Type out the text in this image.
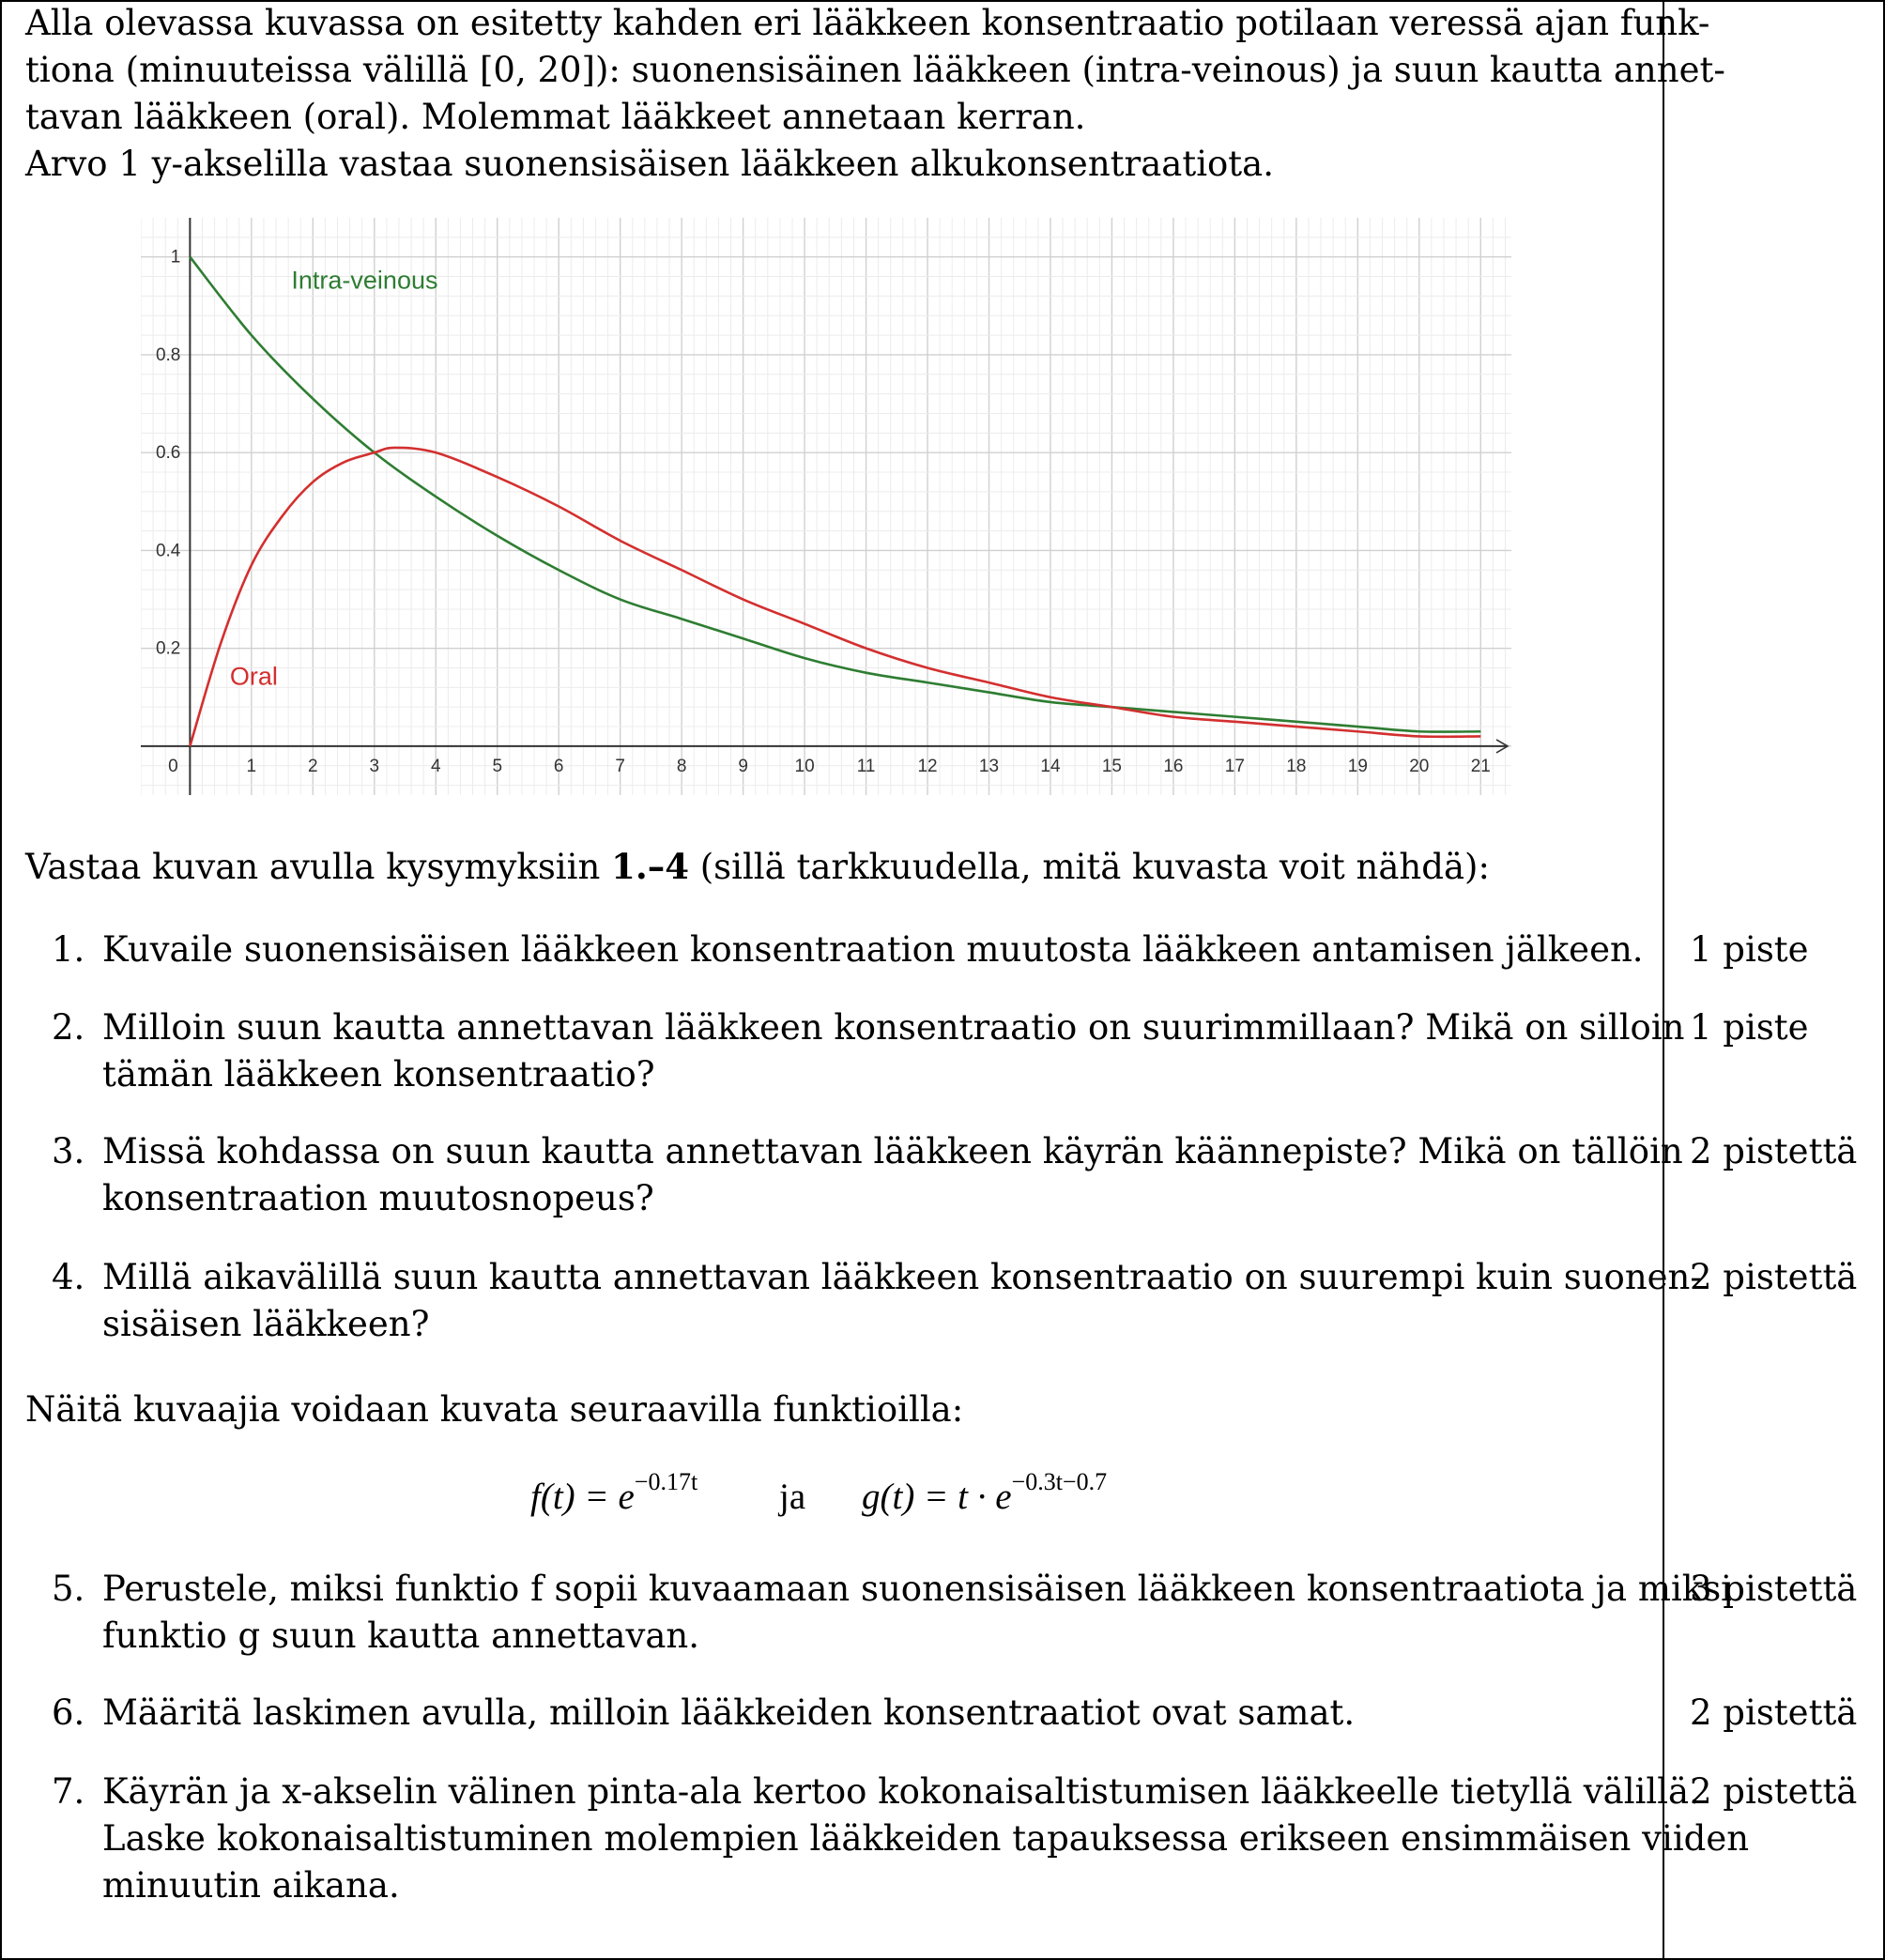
Alla olevassa kuvassa on esitetty kahden eri lääkkeen konsentraatio potilaan veressä ajan funk-
tiona (minuuteissa välillä [0, 20]): suonensisäinen lääkkeen (intra-veinous) ja suun kautta annet-
tavan lääkkeen (oral). Molemmat lääkkeet annetaan kerran.
Arvo 1 y-akselilla vastaa suonensisäisen lääkkeen alkukonsentraatiota.
0	1	2	3	4	5	6	7	8	9	10 11 12 13 14 15 16 17 18 19 20 21
0.2
0.4
0.6
0.8
1
Intra-veinous
Oral
Vastaa kuvan avulla kysymyksiin 1.–4 (sillä tarkkuudella, mitä kuvasta voit nähdä):
1. Kuvaile suonensisäisen lääkkeen konsentraation muutosta lääkkeen antamisen jälkeen. 1 piste
2. Milloin suun kautta annettavan lääkkeen konsentraatio on suurimmillaan? Mikä on silloin
tämän lääkkeen konsentraatio?
1 piste
3. Missä kohdassa on suun kautta annettavan lääkkeen käyrän käännepiste? Mikä on tällöin
konsentraation muutosnopeus?
2 pistettä
4. Millä aikavälillä suun kautta annettavan lääkkeen konsentraatio on suurempi kuin suonen-
sisäisen lääkkeen?
2 pistettä
Näitä kuvaajia voidaan kuvata seuraavilla funktioilla:
$f(t) = e^{-0.17t}$ ja $g(t) = t \cdot e^{-0.3t-0.7}$
5. Perustele, miksi funktio f sopii kuvaamaan suonensisäisen lääkkeen konsentraatiota ja miksi
funktio g suun kautta annettavan.
3 pistettä
6. Määritä laskimen avulla, milloin lääkkeiden konsentraatiot ovat samat.	2 pistettä
7. Käyrän ja x-akselin välinen pinta-ala kertoo kokonaisaltistumisen lääkkeelle tietyllä välillä.
Laske kokonaisaltistuminen molempien lääkkeiden tapauksessa erikseen ensimmäisen viiden
minuutin aikana.
2 pistettä
